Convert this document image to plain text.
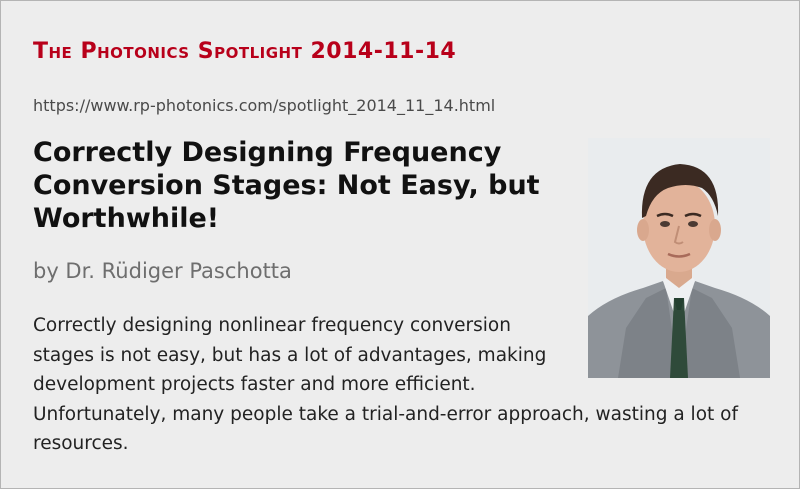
The Photonics Spotlight 2014-11-14
https://www.rp-photonics.com/spotlight_2014_11_14.html
Correctly Designing Frequency Conversion Stages: Not Easy, but Worthwhile!
by Dr. Rüdiger Paschotta
Correctly designing nonlinear frequency conversion stages is not easy, but has a lot of advantages, making development projects faster and more efficient. Unfortunately, many people take a trial-and-error approach, wasting a lot of resources.
